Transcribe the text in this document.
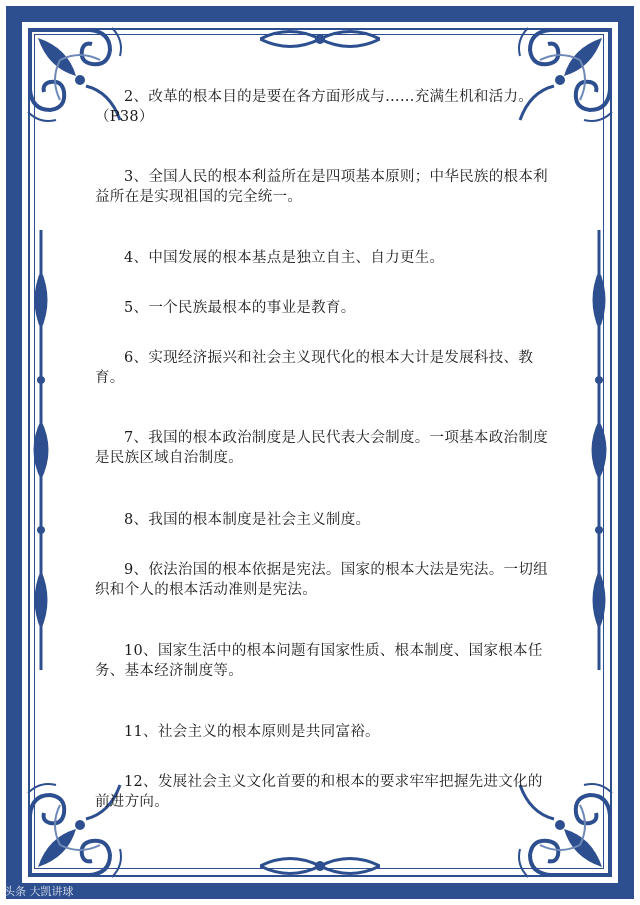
2、改革的根本目的是要在各方面形成与……充满生机和活力。（P38）

3、全国人民的根本利益所在是四项基本原则；中华民族的根本利益所在是实现祖国的完全统一。

4、中国发展的根本基点是独立自主、自力更生。

5、一个民族最根本的事业是教育。

6、实现经济振兴和社会主义现代化的根本大计是发展科技、教育。

7、我国的根本政治制度是人民代表大会制度。一项基本政治制度是民族区域自治制度。

8、我国的根本制度是社会主义制度。

9、依法治国的根本依据是宪法。国家的根本大法是宪法。一切组织和个人的根本活动准则是宪法。

10、国家生活中的根本问题有国家性质、根本制度、国家根本任务、基本经济制度等。

11、社会主义的根本原则是共同富裕。

12、发展社会主义文化首要的和根本的要求牢牢把握先进文化的前进方向。

头条 大凯讲球
